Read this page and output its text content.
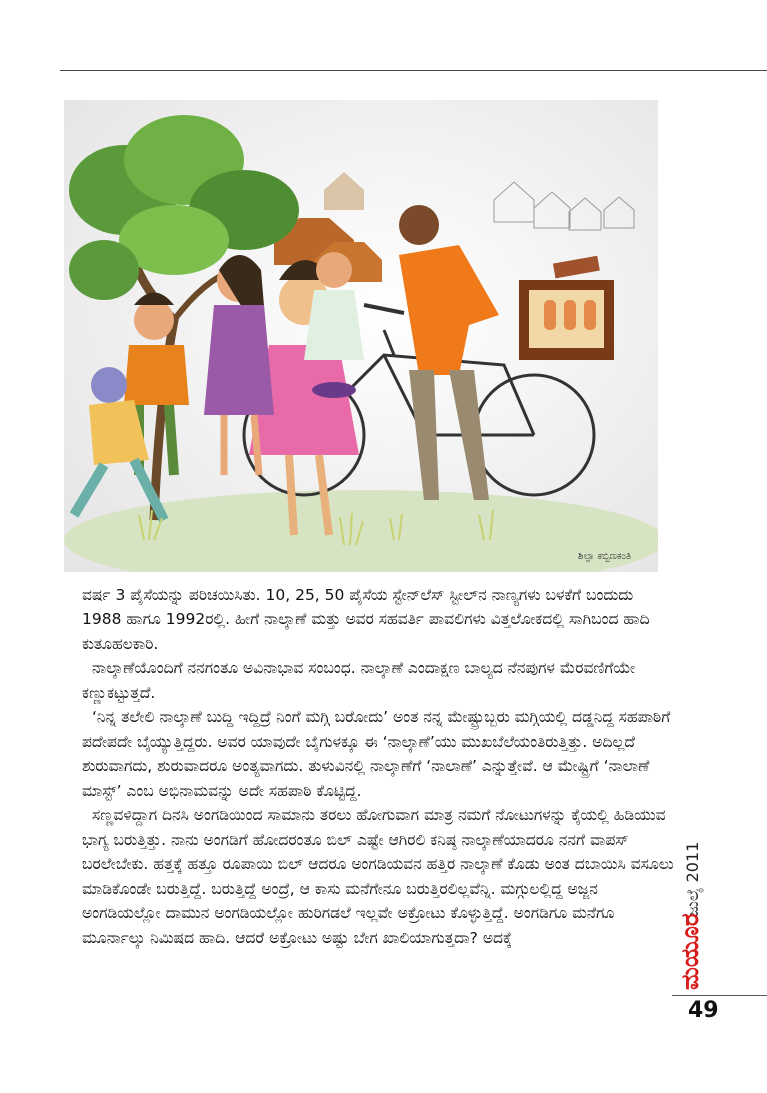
ಶಿಲ್ಪಾ ಕಬ್ಬಿಣಕಂತಿ

ವರ್ಷ 3 ಪೈಸೆಯನ್ನು ಪರಿಚಯಿಸಿತು. 10, 25, 50 ಪೈಸೆಯ ಸ್ಟೇನ್‌ಲೆಸ್ ಸ್ಟೀಲ್‌ನ ನಾಣ್ಯಗಳು ಬಳಕೆಗೆ ಬಂದುದು 1988 ಹಾಗೂ 1992ರಲ್ಲಿ. ಹೀಗೆ ನಾಲ್ಕಾಣೆ ಮತ್ತು ಅವರ ಸಹವರ್ತಿ ಪಾವಲಿಗಳು ವಿತ್ತಲೋಕದಲ್ಲಿ ಸಾಗಿಬಂದ ಹಾದಿ ಕುತೂಹಲಕಾರಿ.

ನಾಲ್ಕಾಣೆಯೊಂದಿಗೆ ನನಗಂತೂ ಅವಿನಾಭಾವ ಸಂಬಂಧ. ನಾಲ್ಕಾಣೆ ಎಂದಾಕ್ಷಣ ಬಾಲ್ಯದ ನೆನಪುಗಳ ಮೆರವಣಿಗೆಯೇ ಕಣ್ಣುಕಟ್ಟುತ್ತದೆ.

‘ನಿನ್ನ ತಲೇಲಿ ನಾಲ್ಕಾಣೆ ಬುದ್ದಿ ಇದ್ದಿದ್ರೆ ನಿಂಗೆ ಮಗ್ಗಿ ಬರೋದು’ ಅಂತ ನನ್ನ ಮೇಷ್ಟ್ರುಬ್ಬರು ಮಗ್ಗಿಯಲ್ಲಿ ದಡ್ಡನಿದ್ದ ಸಹಪಾಠಿಗೆ ಪದೇಪದೇ ಬೈಯ್ಯುತ್ತಿದ್ದರು. ಅವರ ಯಾವುದೇ ಬೈಗುಳಕ್ಕೂ ಈ ‘ನಾಲ್ಕಾಣೆ’ಯು ಮುಖಬೆಲೆಯಂತಿರುತ್ತಿತ್ತು. ಅದಿಲ್ಲದೆ ಶುರುವಾಗದು, ಶುರುವಾದರೂ ಅಂತ್ಯವಾಗದು. ತುಳುವಿನಲ್ಲಿ ನಾಲ್ಕಾಣೆಗೆ ‘ನಾಲಾಣೆ’ ಎನ್ನುತ್ತೇವೆ. ಆ ಮೇಷ್ಟ್ರಿಗೆ ‘ನಾಲಾಣೆ ಮಾಸ್ಟ್’ ಎಂಬ ಅಭಿನಾಮವನ್ನು ಅದೇ ಸಹಪಾಠಿ ಕೊಟ್ಟಿದ್ದ.

ಸಣ್ಣವಳಿದ್ದಾಗ ದಿನಸಿ ಅಂಗಡಿಯಿಂದ ಸಾಮಾನು ತರಲು ಹೋಗುವಾಗ ಮಾತ್ರ ನಮಗೆ ನೋಟುಗಳನ್ನು ಕೈಯಲ್ಲಿ ಹಿಡಿಯುವ ಭಾಗ್ಯ ಬರುತ್ತಿತ್ತು. ನಾನು ಅಂಗಡಿಗೆ ಹೋದರಂತೂ ಬಿಲ್ ಎಷ್ಟೇ ಆಗಿರಲಿ ಕನಿಷ್ಠ ನಾಲ್ಕಾಣೆಯಾದರೂ ನನಗೆ ವಾಪಸ್ ಬರಲೇಬೇಕು. ಹತ್ತಕ್ಕೆ ಹತ್ತೂ ರೂಪಾಯಿ ಬಿಲ್ ಆದರೂ ಅಂಗಡಿಯವನ ಹತ್ತಿರ ನಾಲ್ಕಾಣೆ ಕೊಡು ಅಂತ ದಬಾಯಿಸಿ ವಸೂಲು ಮಾಡಿಕೊಂಡೇ ಬರುತ್ತಿದ್ದೆ. ಬರುತ್ತಿದ್ದೆ ಅಂದ್ರೆ, ಆ ಕಾಸು ಮನೆಗೇನೂ ಬರುತ್ತಿರಲಿಲ್ಲವೆನ್ನಿ. ಮಗ್ಗುಲಲ್ಲಿದ್ದ ಅಜ್ಜನ ಅಂಗಡಿಯಲ್ಲೋ ದಾಮುನ ಅಂಗಡಿಯಲ್ಲೋ ಹುರಿಗಡಲೆ ಇಲ್ಲವೇ ಅಕ್ರೋಟು ಕೊಳ್ಳುತ್ತಿದ್ದೆ. ಅಂಗಡಿಗೂ ಮನೆಗೂ ಮೂರ್ನಾಲ್ಕು ನಿಮಿಷದ ಹಾದಿ. ಆದರೆ ಅಕ್ರೋಟು ಅಷ್ಟು ಬೇಗ ಖಾಲಿಯಾಗುತ್ತದಾ? ಅದಕ್ಕೆ

ಜುಲೈ 2011
ಮಯೂರ
49
